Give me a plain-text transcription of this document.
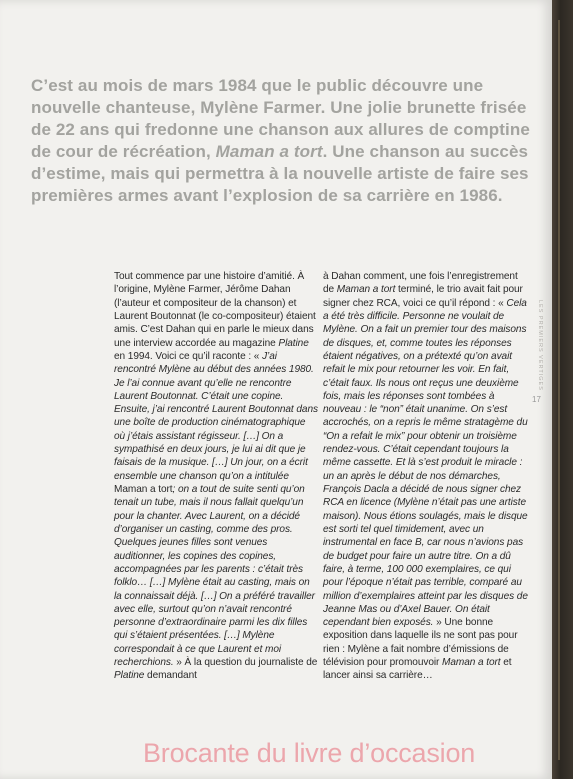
C’est au mois de mars 1984 que le public découvre une nouvelle chanteuse, Mylène Farmer. Une jolie brunette frisée de 22 ans qui fredonne une chanson aux allures de comptine de cour de récréation, Maman a tort. Une chanson au succès d’estime, mais qui permettra à la nouvelle artiste de faire ses premières armes avant l’explosion de sa carrière en 1986.

Tout commence par une histoire d’amitié. À l’origine, Mylène Farmer, Jérôme Dahan (l’auteur et compositeur de la chanson) et Laurent Boutonnat (le co-compositeur) étaient amis. C’est Dahan qui en parle le mieux dans une interview accordée au magazine Platine en 1994. Voici ce qu’il raconte : « J’ai rencontré Mylène au début des années 1980. Je l’ai connue avant qu’elle ne rencontre Laurent Boutonnat. C’était une copine. Ensuite, j’ai rencontré Laurent Boutonnat dans une boîte de production cinématographique où j’étais assistant régisseur. […] On a sympathisé en deux jours, je lui ai dit que je faisais de la musique. […] Un jour, on a écrit ensemble une chanson qu’on a intitulée Maman a tort; on a tout de suite senti qu’on tenait un tube, mais il nous fallait quelqu’un pour la chanter. Avec Laurent, on a décidé d’organiser un casting, comme des pros. Quelques jeunes filles sont venues auditionner, les copines des copines, accompagnées par les parents : c’était très folklo… […] Mylène était au casting, mais on la connaissait déjà. […] On a préféré travailler avec elle, surtout qu’on n’avait rencontré personne d’extraordinaire parmi les dix filles qui s’étaient présentées. […] Mylène correspondait à ce que Laurent et moi recherchions. » À la question du journaliste de Platine demandant

à Dahan comment, une fois l’enregistrement de Maman a tort terminé, le trio avait fait pour signer chez RCA, voici ce qu’il répond : « Cela a été très difficile. Personne ne voulait de Mylène. On a fait un premier tour des maisons de disques, et, comme toutes les réponses étaient négatives, on a prétexté qu’on avait refait le mix pour retourner les voir. En fait, c’était faux. Ils nous ont reçus une deuxième fois, mais les réponses sont tombées à nouveau : le “non” était unanime. On s’est accrochés, on a repris le même stratagème du “On a refait le mix” pour obtenir un troisième rendez-vous. C’était cependant toujours la même cassette. Et là s’est produit le miracle : un an après le début de nos démarches, François Dacla a décidé de nous signer chez RCA en licence (Mylène n’était pas une artiste maison). Nous étions soulagés, mais le disque est sorti tel quel timidement, avec un instrumental en face B, car nous n’avions pas de budget pour faire un autre titre. On a dû faire, à terme, 100 000 exemplaires, ce qui pour l’époque n’était pas terrible, comparé au million d’exemplaires atteint par les disques de Jeanne Mas ou d’Axel Bauer. On était cependant bien exposés. » Une bonne exposition dans laquelle ils ne sont pas pour rien : Mylène a fait nombre d’émissions de télévision pour promouvoir Maman a tort et lancer ainsi sa carrière…

LES PREMIERS VERTIGES
17
Brocante du livre d’occasion
